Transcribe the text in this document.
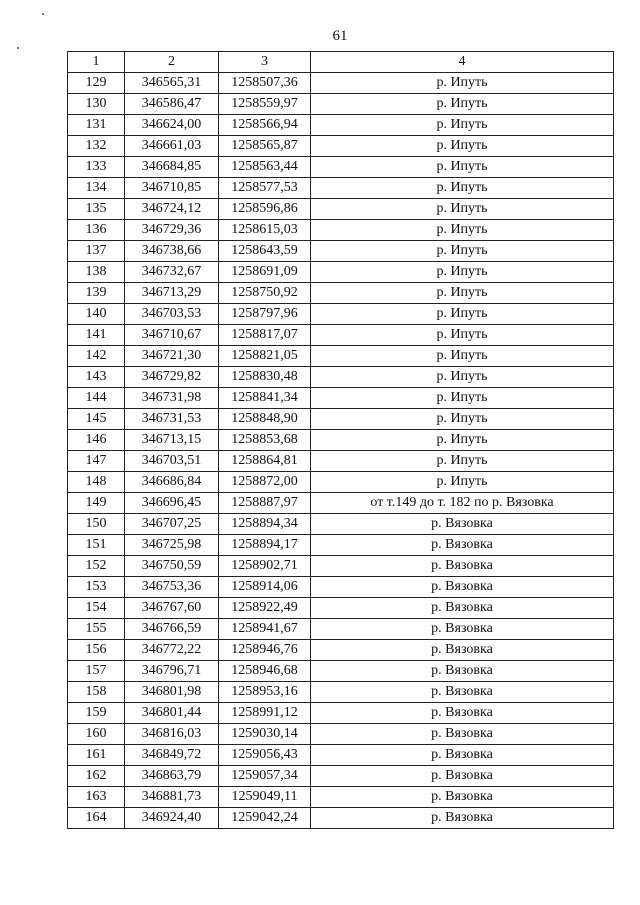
61
1	2	3	4
129	346565,31	1258507,36	р. Ипуть
130	346586,47	1258559,97	р. Ипуть
131	346624,00	1258566,94	р. Ипуть
132	346661,03	1258565,87	р. Ипуть
133	346684,85	1258563,44	р. Ипуть
134	346710,85	1258577,53	р. Ипуть
135	346724,12	1258596,86	р. Ипуть
136	346729,36	1258615,03	р. Ипуть
137	346738,66	1258643,59	р. Ипуть
138	346732,67	1258691,09	р. Ипуть
139	346713,29	1258750,92	р. Ипуть
140	346703,53	1258797,96	р. Ипуть
141	346710,67	1258817,07	р. Ипуть
142	346721,30	1258821,05	р. Ипуть
143	346729,82	1258830,48	р. Ипуть
144	346731,98	1258841,34	р. Ипуть
145	346731,53	1258848,90	р. Ипуть
146	346713,15	1258853,68	р. Ипуть
147	346703,51	1258864,81	р. Ипуть
148	346686,84	1258872,00	р. Ипуть
149	346696,45	1258887,97	от т.149 до т. 182 по р. Вязовка
150	346707,25	1258894,34	р. Вязовка
151	346725,98	1258894,17	р. Вязовка
152	346750,59	1258902,71	р. Вязовка
153	346753,36	1258914,06	р. Вязовка
154	346767,60	1258922,49	р. Вязовка
155	346766,59	1258941,67	р. Вязовка
156	346772,22	1258946,76	р. Вязовка
157	346796,71	1258946,68	р. Вязовка
158	346801,98	1258953,16	р. Вязовка
159	346801,44	1258991,12	р. Вязовка
160	346816,03	1259030,14	р. Вязовка
161	346849,72	1259056,43	р. Вязовка
162	346863,79	1259057,34	р. Вязовка
163	346881,73	1259049,11	р. Вязовка
164	346924,40	1259042,24	р. Вязовка
